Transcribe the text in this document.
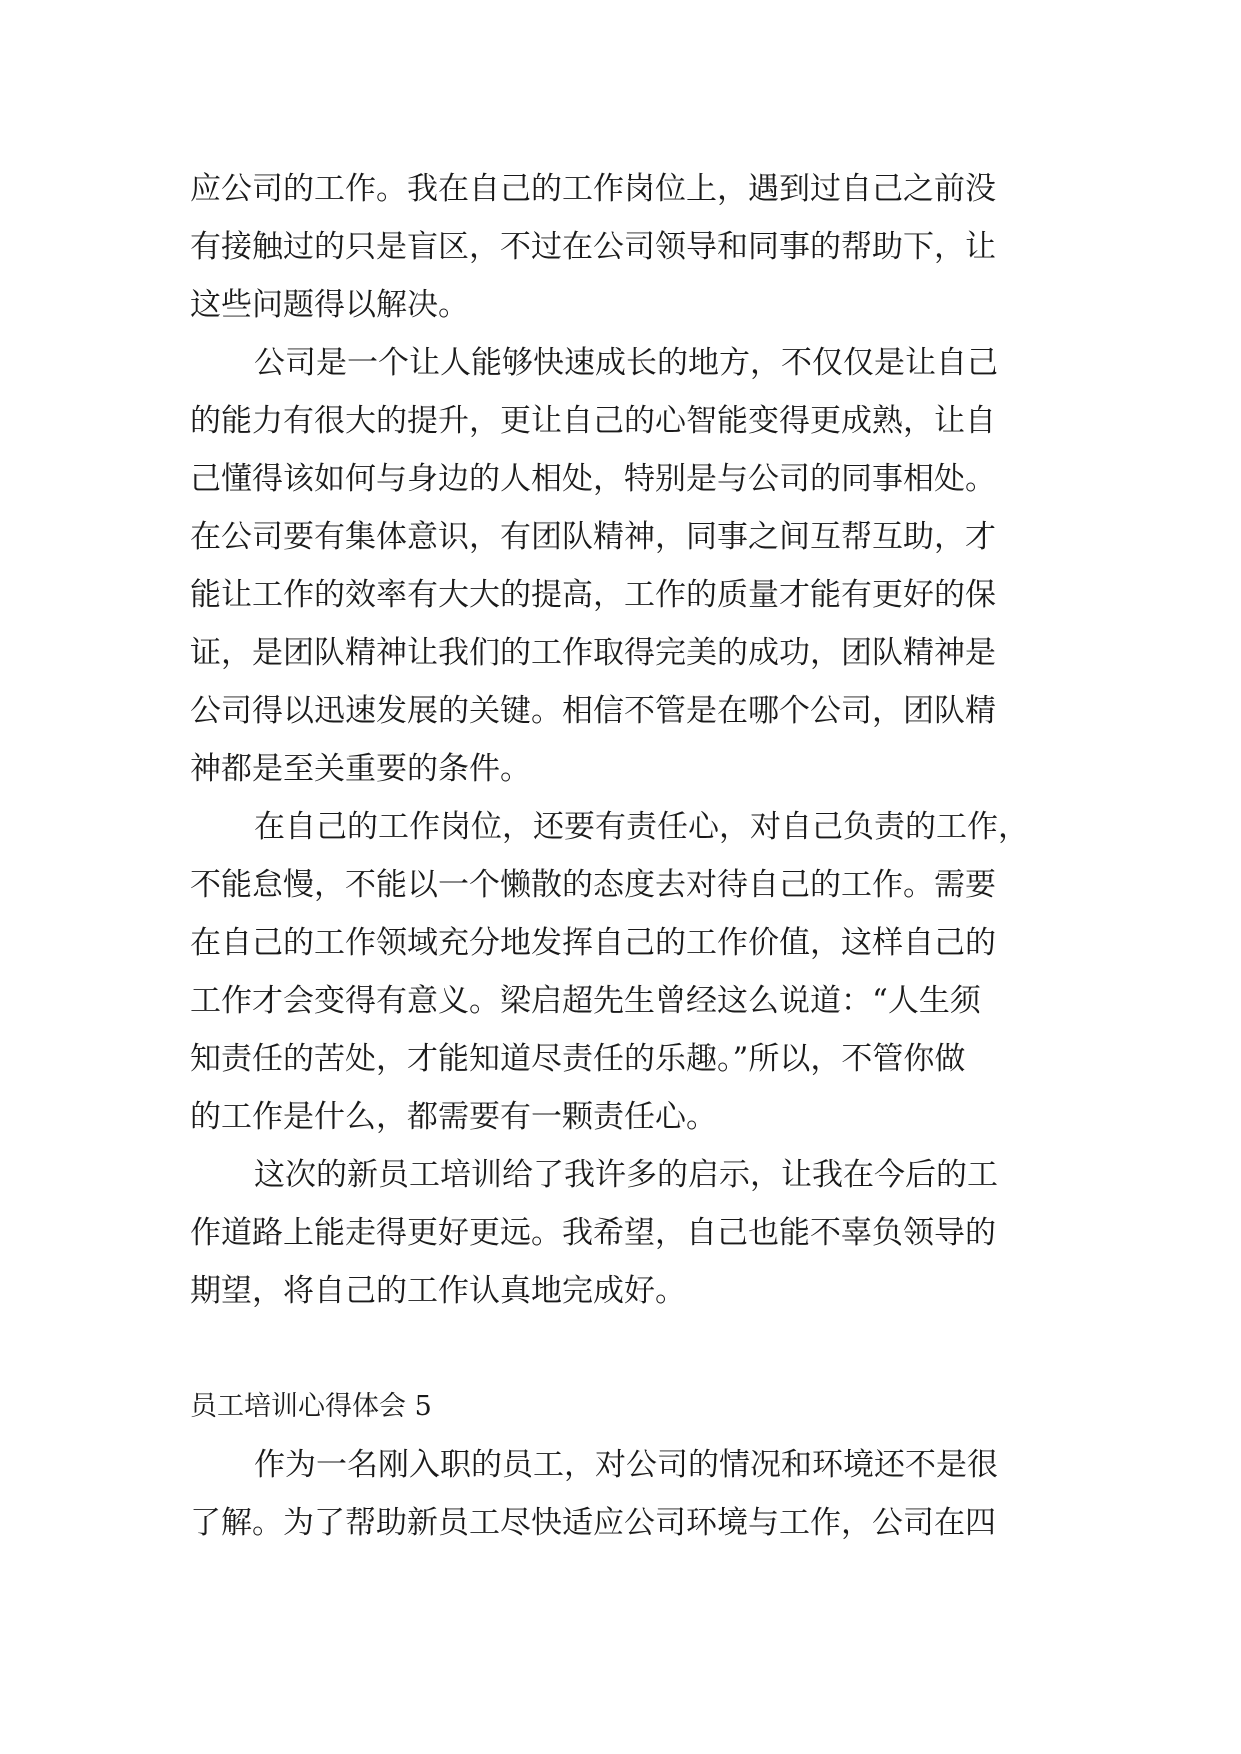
应公司的工作。我在自己的工作岗位上，遇到过自己之前没
有接触过的只是盲区，不过在公司领导和同事的帮助下，让
这些问题得以解决。
公司是一个让人能够快速成长的地方，不仅仅是让自己
的能力有很大的提升，更让自己的心智能变得更成熟，让自
己懂得该如何与身边的人相处，特别是与公司的同事相处。
在公司要有集体意识，有团队精神，同事之间互帮互助，才
能让工作的效率有大大的提高，工作的质量才能有更好的保
证，是团队精神让我们的工作取得完美的成功，团队精神是
公司得以迅速发展的关键。相信不管是在哪个公司，团队精
神都是至关重要的条件。
在自己的工作岗位，还要有责任心，对自己负责的工作，
不能怠慢，不能以一个懒散的态度去对待自己的工作。需要
在自己的工作领域充分地发挥自己的工作价值，这样自己的
工作才会变得有意义。梁启超先生曾经这么说道：“人生须
知责任的苦处，才能知道尽责任的乐趣。”所以，不管你做
的工作是什么，都需要有一颗责任心。
这次的新员工培训给了我许多的启示，让我在今后的工
作道路上能走得更好更远。我希望，自己也能不辜负领导的
期望，将自己的工作认真地完成好。
员工培训心得体会 5
作为一名刚入职的员工，对公司的情况和环境还不是很
了解。为了帮助新员工尽快适应公司环境与工作，公司在四
